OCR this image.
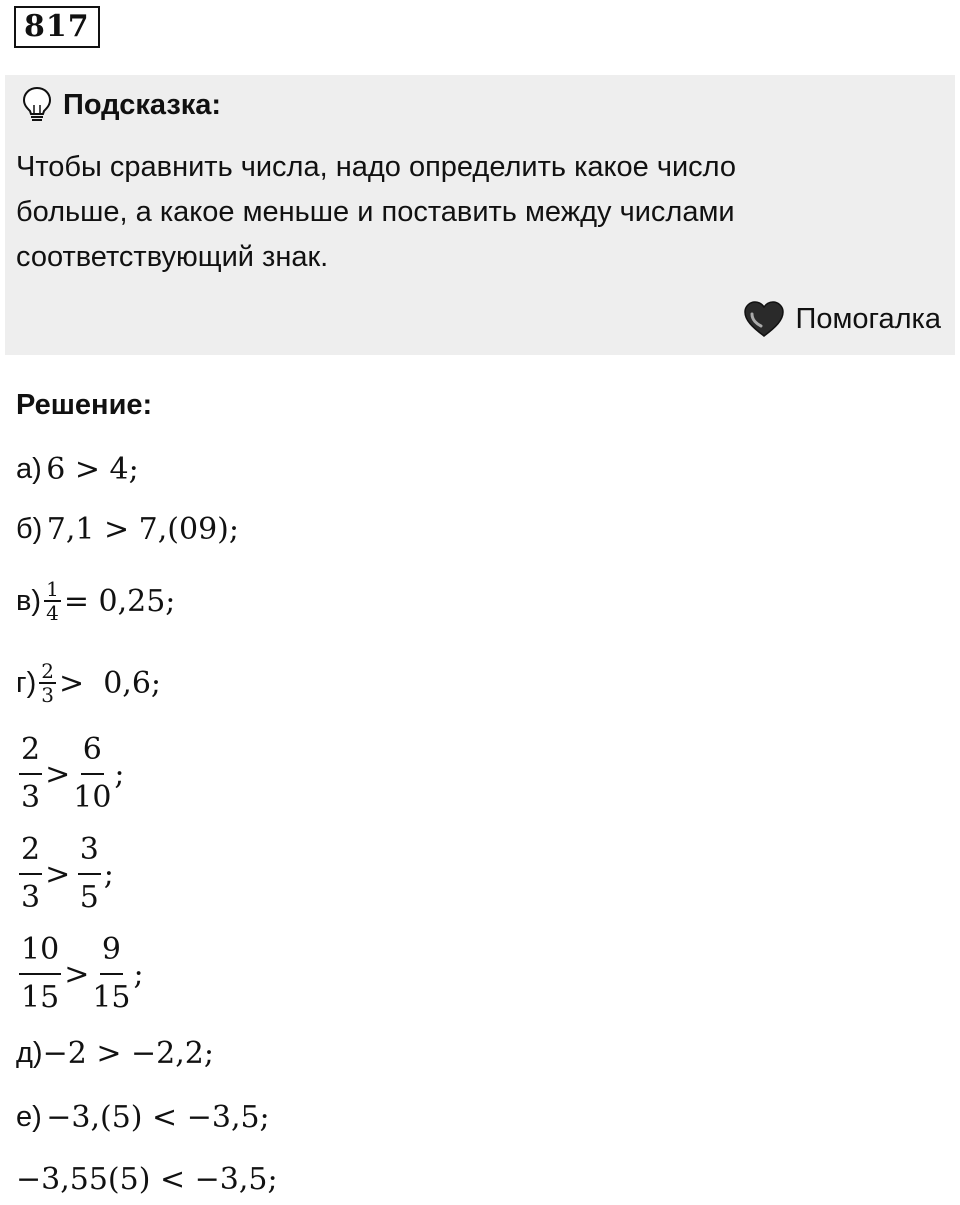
817
Подсказка:
Чтобы сравнить числа, надо определить какое число
больше, а какое меньше и поставить между числами
соответствующий знак.
Помогалка
Решение:
а)
6 > 4;
б)
7,1 > 7,(09);
$в) \frac{1}{4} = 0,25$;
$г) \frac{2}{3} > 0,6$;
$\frac{2}{3} > \frac{6}{10}$ ;
$\frac{2}{3}$ >
$\frac{3}{5}$ ;
$\frac{10}{15} > \frac{9}{15}$ ;
д) −2 > −2,2;
е)
−3,(5) < −3,5;
−3,55(5) < −3,5;
